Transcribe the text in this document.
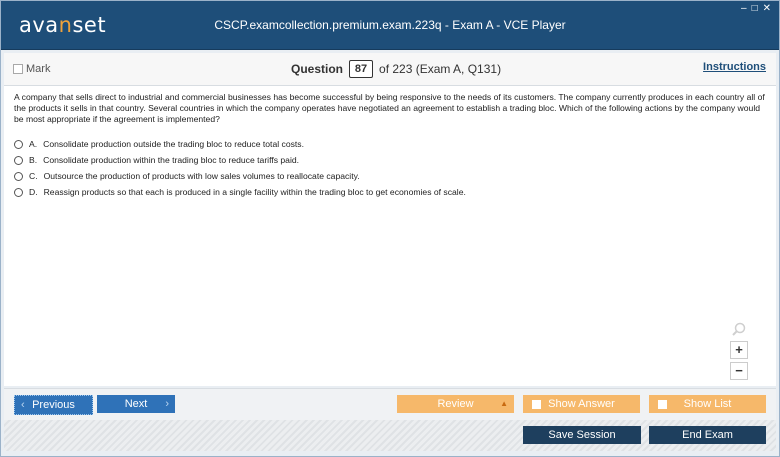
avanset	CSCP.examcollection.premium.exam.223q - Exam A - VCE Player
– □ ✕
Mark	Question	87 of 223 (Exam A, Q131)	Instructions
A company that sells direct to industrial and commercial businesses has become successful by being responsive to the needs of its customers. The company currently produces in each country all of the products it sells in that country. Several countries in which the company operates have negotiated an agreement to establish a trading bloc. Which of the following actions by the company would be most appropriate if the agreement is implemented?
A. Consolidate production outside the trading bloc to reduce total costs.
B. Consolidate production within the trading bloc to reduce tariffs paid.
C. Outsource the production of products with low sales volumes to reallocate capacity.
D. Reassign products so that each is produced in a single facility within the trading bloc to get economies of scale.
+
−
‹ Previous	Next ›	Review	▲	Show Answer	Show List
Save Session	End Exam
